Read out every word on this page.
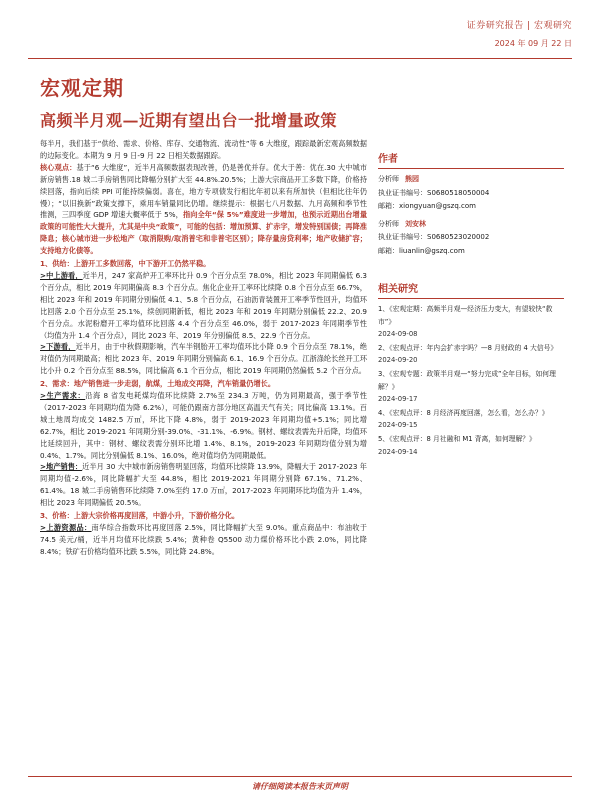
证券研究报告 | 宏观研究
2024 年 09 月 22 日
宏观定期
高频半月观—近期有望出台一批增量政策

每半月，我们基于“供给、需求、价格、库存、交通物流、流动性”等 6 大维度，跟踪最新宏观高频数据的边际变化。本期为 9 月 9 日-9 月 22 日相关数据跟踪。

核心观点：基于“6 大维度”，近半月高频数据表现改善，仍是善优并存。优大于善：优在.30 大中城市新房销售.18 城二手房销售同比降幅分别扩大至 44.8%.20.5%；上游大宗商品开工多数下降，价格持续回落，指向后续 PPI 可能持续偏弱。喜在，地方专项债发行相比年初以来有所加快（但相比往年仍慢）；“以旧换新”政策支撑下，乘用车销量同比仍增。继续提示：根据七八月数据、九月高频和季节性推测，三四季度 GDP 增速大概率低于 5%，指向全年“保 5%”难度进一步增加，也预示近期出台增量政策的可能性大大提升，尤其是中央“政策”，可能的包括：增加预算、扩赤字，增发特别国债；再降准降息；核心城市进一步松地产（取消限购/取消普宅和非普宅区别）；降存量房贷利率；地产收储扩容；支持地方化债等。

1、供给：上游开工多数回落，中下游开工仍然平稳。

>中上游看，近半月，247 家高炉开工率环比升 0.9 个百分点至 78.0%，相比 2023 年同期偏低 6.3 个百分点，相比 2019 年同期偏高 8.3 个百分点。焦化企业开工率环比续降 0.8 个百分点至 66.7%，相比 2023 年和 2019 年同期分别偏低 4.1、5.8 个百分点，石油沥青装置开工率季节性回升，均值环比回落 2.0 个百分点至 25.1%，续创同期新低，相比 2023 年和 2019 年同期分别偏低 22.2、20.9 个百分点。水泥粉磨开工率均值环比回落 4.4 个百分点至 46.0%，弱于 2017-2023 年同期季节性（均值为升 1.4 个百分点），同比 2023 年、2019 年分别偏低 8.5、22.9 个百分点。

>下游看，近半月，由于中秋假期影响，汽车半钢胎开工率均值环比小降 0.9 个百分点至 78.1%，绝对值仍为同期最高；相比 2023 年、2019 年同期分别偏高 6.1、16.9 个百分点。江浙涤纶长丝开工环比小升 0.2 个百分点至 88.5%，同比偏高 6.1 个百分点，相比 2019 年同期仍然偏低 5.2 个百分点。

2、需求：地产销售进一步走弱，航煤，土地成交再降，汽车销量仍增长。

>生产需求：沿海 8 省发电耗煤均值环比续降 2.7%至 234.3 万吨，仍为同期最高，强于季节性（2017-2023 年同期均值为降 6.2%），可能仍跟南方部分地区高温天气有关；同比偏高 13.1%。百城土地周均成交 1482.5 万㎡，环比下降 4.8%，弱于 2019-2023 年同期均值+5.1%；同比增 62.7%，相比 2019-2021 年同期分别-39.0%、-31.1%、-6.9%。钢材、螺纹表需先升后降，均值环比延续回升，其中：钢材、螺纹表需分别环比增 1.4%、8.1%，2019-2023 年同期均值分别为增 0.4%、1.7%。同比分别偏低 8.1%、16.0%，绝对值均仍为同期最低。

>地产销售：近半月 30 大中城市新房销售明显回落，均值环比续降 13.9%，降幅大于 2017-2023 年同期均值-2.6%，同比降幅扩大至 44.8%，相比 2019-2021 年同期分别降 67.1%、71.2%、61.4%。18 城二手房销售环比续降 7.0%至约 17.0 万㎡，2017-2023 年同期环比均值为升 1.4%，相比 2023 年同期偏低 20.5%。

3、价格：上游大宗价格再度回落，中游小升，下游价格分化。

>上游资源品：南华综合指数环比再度回落 2.5%，同比降幅扩大至 9.0%。重点商品中：布油收于 74.5 美元/桶，近半月均值环比续跌 5.4%；黄种卷 Q5500 动力煤价格环比小跌 2.0%，同比降 8.4%；铁矿石价格均值环比跌 5.5%，同比降 24.8%。

作者
分析师 熊园
执业证书编号：S0680518050004
邮箱：xiongyuan@gszq.com
分析师 刘安林
执业证书编号：S0680523020002
邮箱：liuanlin@gszq.com
相关研究
1、《宏观定期：高频半月观—经济压力变大，有望较快“救市”》
2024-09-08
2、《宏观点评：年内会扩赤字吗？—8 月财政的 4 大信号》
2024-09-20
3、《宏观专题：政策半月观—“努力完成”全年目标，如何理解？》
2024-09-17
4、《宏观点评：8 月经济再度回落，怎么看，怎么办？》
2024-09-15
5、《宏观点评：8 月社融和 M1 背离，如何理解？》
2024-09-14
请仔细阅读本报告末页声明
